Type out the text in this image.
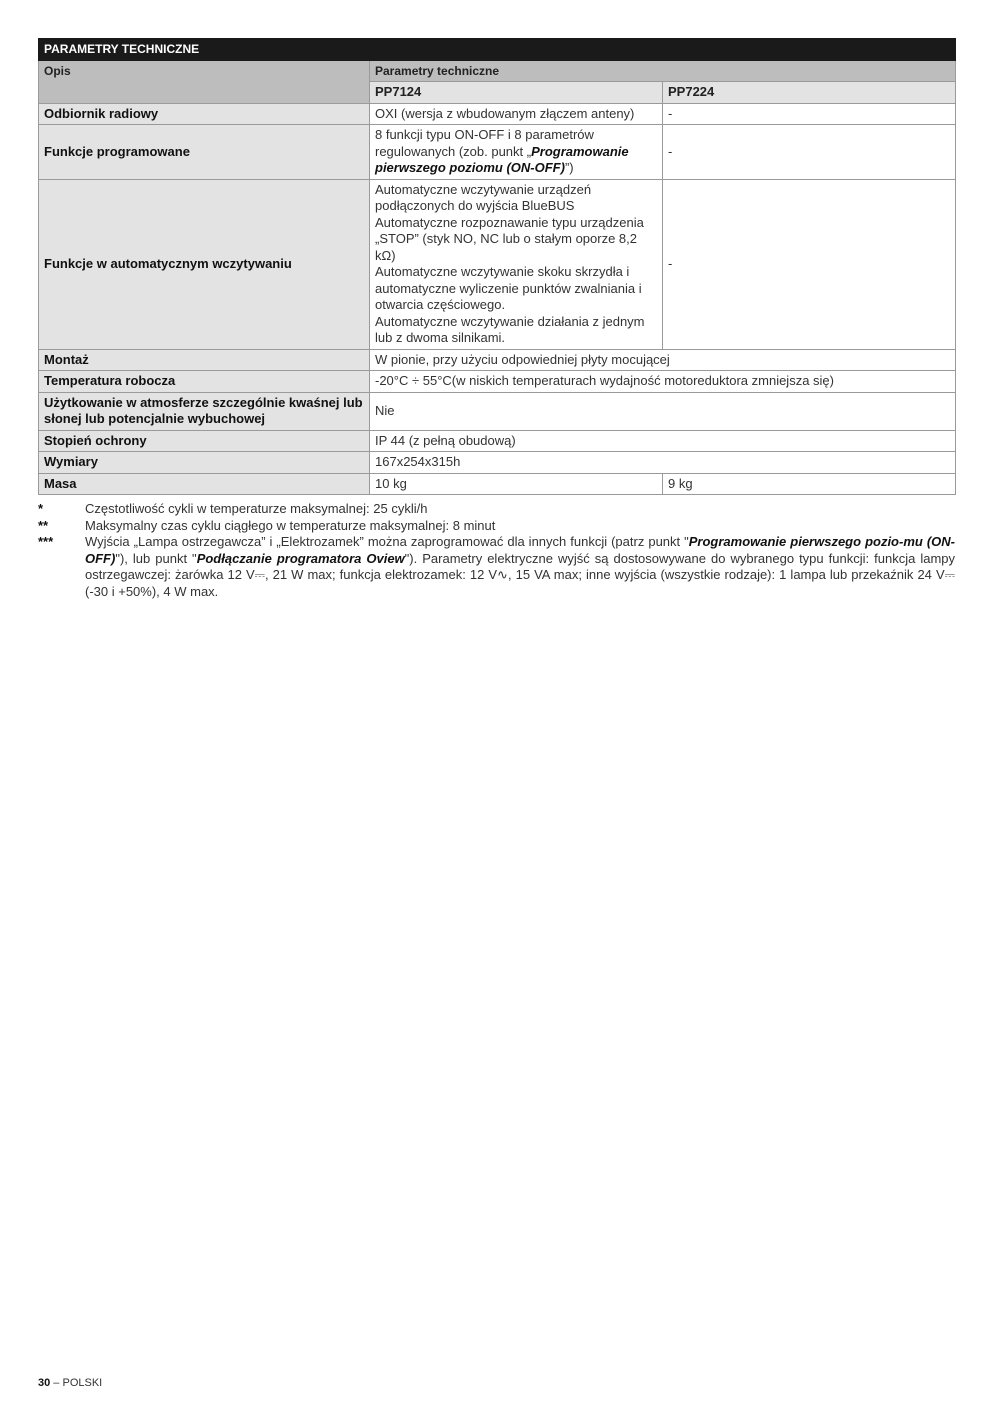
PARAMETRY TECHNICZNE		
Opis	Parametry techniczne	
	PP7124	PP7224
Odbiornik radiowy	OXI (wersja z wbudowanym złączem anteny)	-
Funkcje programowane	8 funkcji typu ON-OFF i 8 parametrów regulowanych (zob. punkt „Programowanie pierwszego poziomu (ON-OFF)”)	-
Funkcje w automatycznym wczytywaniu	Automatyczne wczytywanie urządzeń podłączonych do wyjścia BlueBUS
Automatyczne rozpoznawanie typu urządzenia „STOP” (styk NO, NC lub o stałym oporze 8,2 kΩ)
Automatyczne wczytywanie skoku skrzydła i automatyczne wyliczenie punktów zwalniania i otwarcia częściowego.
Automatyczne wczytywanie działania z jednym lub z dwoma silnikami.	-
Montaż	W pionie, przy użyciu odpowiedniej płyty mocującej	
Temperatura robocza	-20°C ÷ 55°C(w niskich temperaturach wydajność motoreduktora zmniejsza się)	
Użytkowanie w atmosferze szczególnie kwaśnej lub słonej lub potencjalnie wybuchowej	Nie	
Stopień ochrony	IP 44 (z pełną obudową)	
Wymiary	167x254x315h	
Masa	10 kg	9 kg
*	Częstotliwość cykli w temperaturze maksymalnej: 25 cykli/h
**	Maksymalny czas cyklu ciągłego w temperaturze maksymalnej: 8 minut
***	Wyjścia „Lampa ostrzegawcza” i „Elektrozamek” można zaprogramować dla innych funkcji (patrz punkt "Programowanie pierwszego pozio-mu (ON-OFF)"), lub punkt "Podłączanie programatora Oview"). Parametry elektryczne wyjść są dostosowywane do wybranego typu funkcji: funkcja lampy ostrzegawczej: żarówka 12 V⎓, 21 W max; funkcja elektrozamek: 12 V∿, 15 VA max; inne wyjścia (wszystkie rodzaje): 1 lampa lub przekaźnik 24 V⎓ (-30 i +50%), 4 W max.
30 – POLSKI
